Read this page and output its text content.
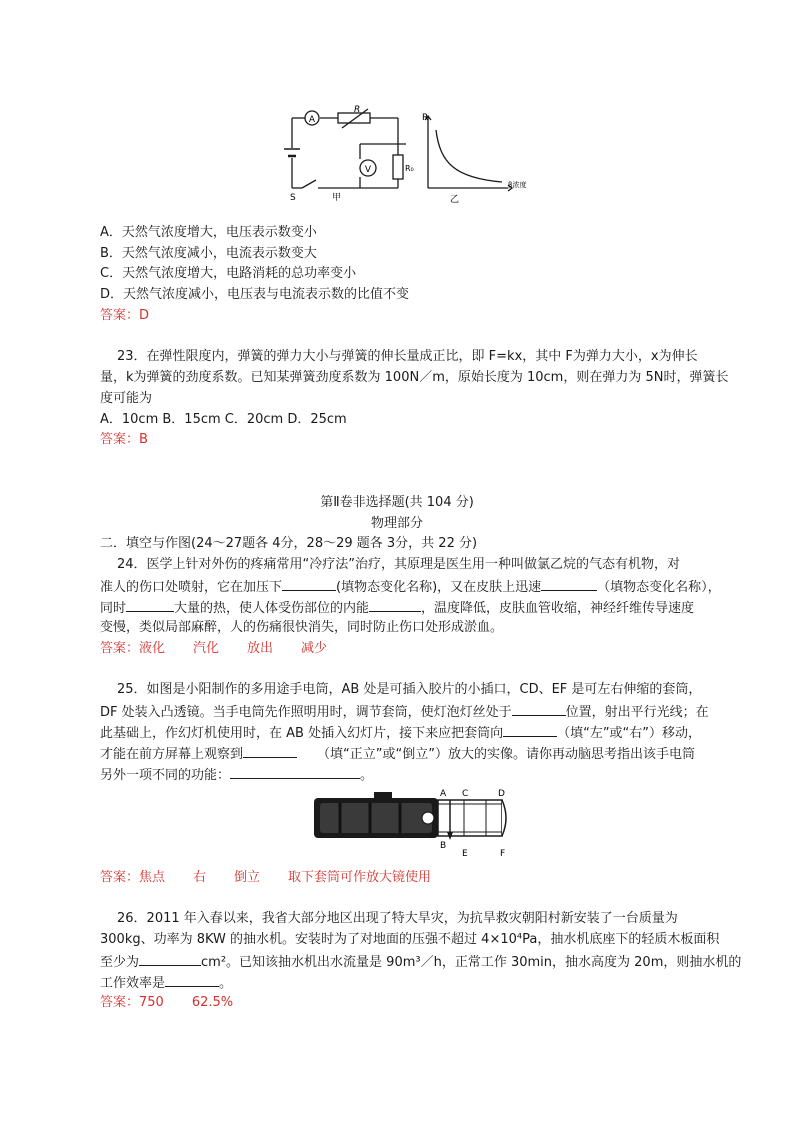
A
R
V	R₀
S	甲
R
β浓度
乙
A．天然气浓度增大，电压表示数变小
B．天然气浓度减小，电流表示数变大
C．天然气浓度增大，电路消耗的总功率变小
D．天然气浓度减小，电压表与电流表示数的比值不变
答案：D
23．在弹性限度内，弹簧的弹力大小与弹簧的伸长量成正比，即 F=kx，其中 F为弹力大小，x为伸长
量，k为弹簧的劲度系数。已知某弹簧劲度系数为 100N／m，原始长度为 10cm，则在弹力为 5N时，弹簧长
度可能为
A．10cm B．15cm C．20cm D．25cm
答案：B
第Ⅱ卷非选择题(共 104 分)
物理部分
二．填空与作图(24～27题各 4分，28～29 题各 3分，共 22 分)
24．医学上针对外伤的疼痛常用“冷疗法”治疗，其原理是医生用一种叫做氯乙烷的气态有机物，对
准人的伤口处喷射，它在加压下	(填物态变化名称)，又在皮肤上迅速	（填物态变化名称），
同时	大量的热，使人体受伤部位的内能	，温度降低，皮肤血管收缩，神经纤维传导速度
变慢，类似局部麻醉，人的伤痛很快消失，同时防止伤口处形成淤血。
答案：液化 汽化 放出 减少
25．如图是小阳制作的多用途手电筒，AB 处是可插入胶片的小插口，CD、EF 是可左右伸缩的套筒，
DF 处装入凸透镜。当手电筒先作照明用时，调节套筒，使灯泡灯丝处于	位置，射出平行光线；在
此基础上，作幻灯机使用时，在 AB 处插入幻灯片，接下来应把套筒向	（填“左”或“右”）移动，
才能在前方屏幕上观察到	（填“正立”或“倒立”）放大的实像。请你再动脑思考指出该手电筒
另外一项不同的功能：	。
A C	D
B
E	F
答案：焦点 右 倒立 取下套筒可作放大镜使用
26．2011 年入春以来，我省大部分地区出现了特大旱灾，为抗旱救灾朝阳村新安装了一台质量为
300kg、功率为 8KW 的抽水机。安装时为了对地面的压强不超过 4×10⁴Pa，抽水机底座下的轻质木板面积
至少为	cm²。已知该抽水机出水流量是 90m³／h，正常工作 30min，抽水高度为 20m，则抽水机的
工作效率是	。
答案：750 62.5%
